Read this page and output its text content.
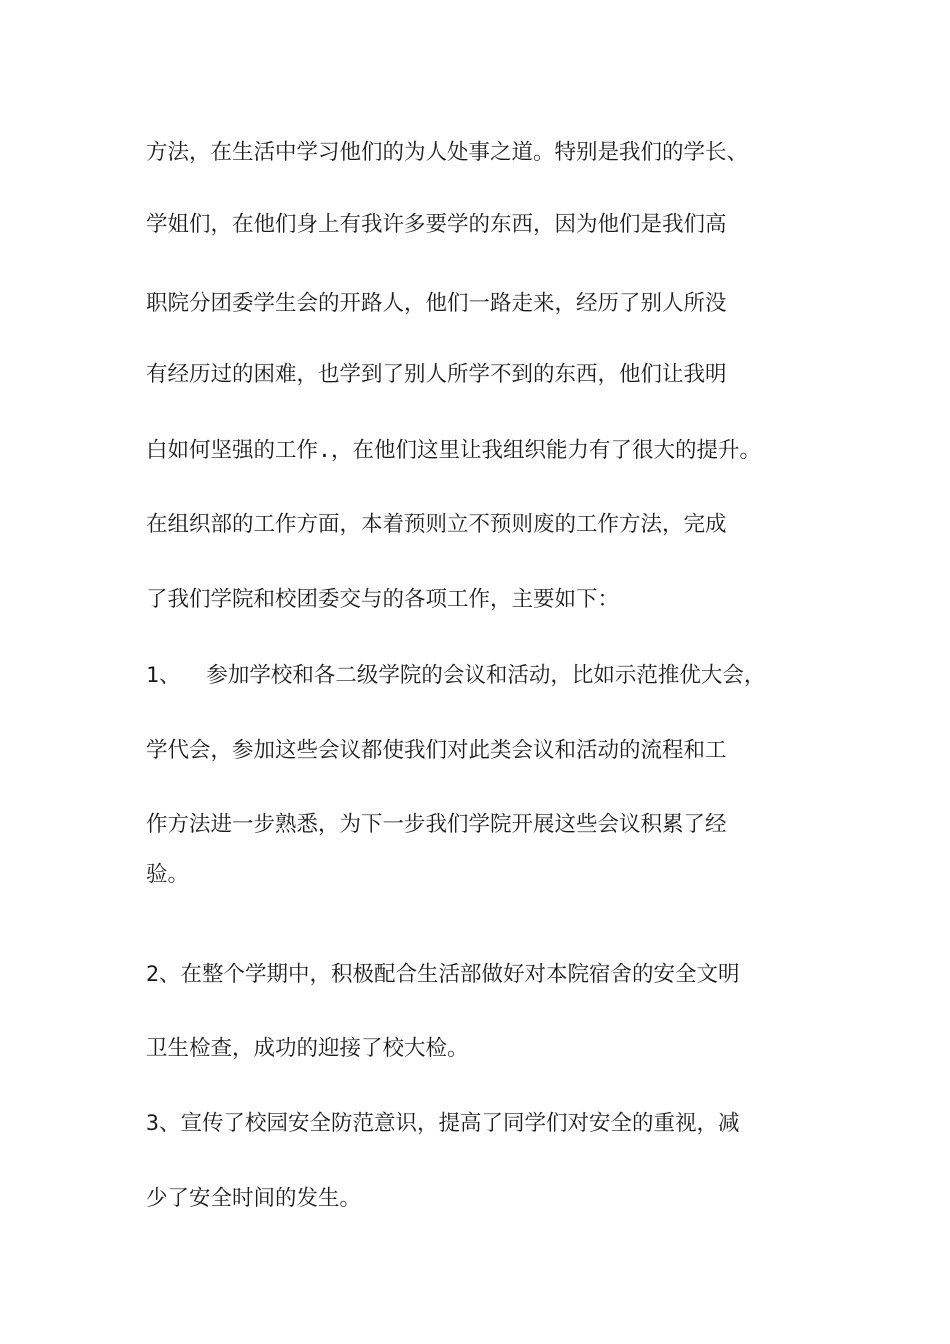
方法，在生活中学习他们的为人处事之道。特别是我们的学长、
学姐们，在他们身上有我许多要学的东西，因为他们是我们高
职院分团委学生会的开路人，他们一路走来，经历了别人所没
有经历过的困难，也学到了别人所学不到的东西，他们让我明
白如何坚强的工作.，在他们这里让我组织能力有了很大的提升。
在组织部的工作方面，本着预则立不预则废的工作方法，完成
了我们学院和校团委交与的各项工作，主要如下：
1、  参加学校和各二级学院的会议和活动，比如示范推优大会，
学代会，参加这些会议都使我们对此类会议和活动的流程和工
作方法进一步熟悉，为下一步我们学院开展这些会议积累了经
验。
2、在整个学期中，积极配合生活部做好对本院宿舍的安全文明
卫生检查，成功的迎接了校大检。
3、宣传了校园安全防范意识，提高了同学们对安全的重视，减
少了安全时间的发生。
